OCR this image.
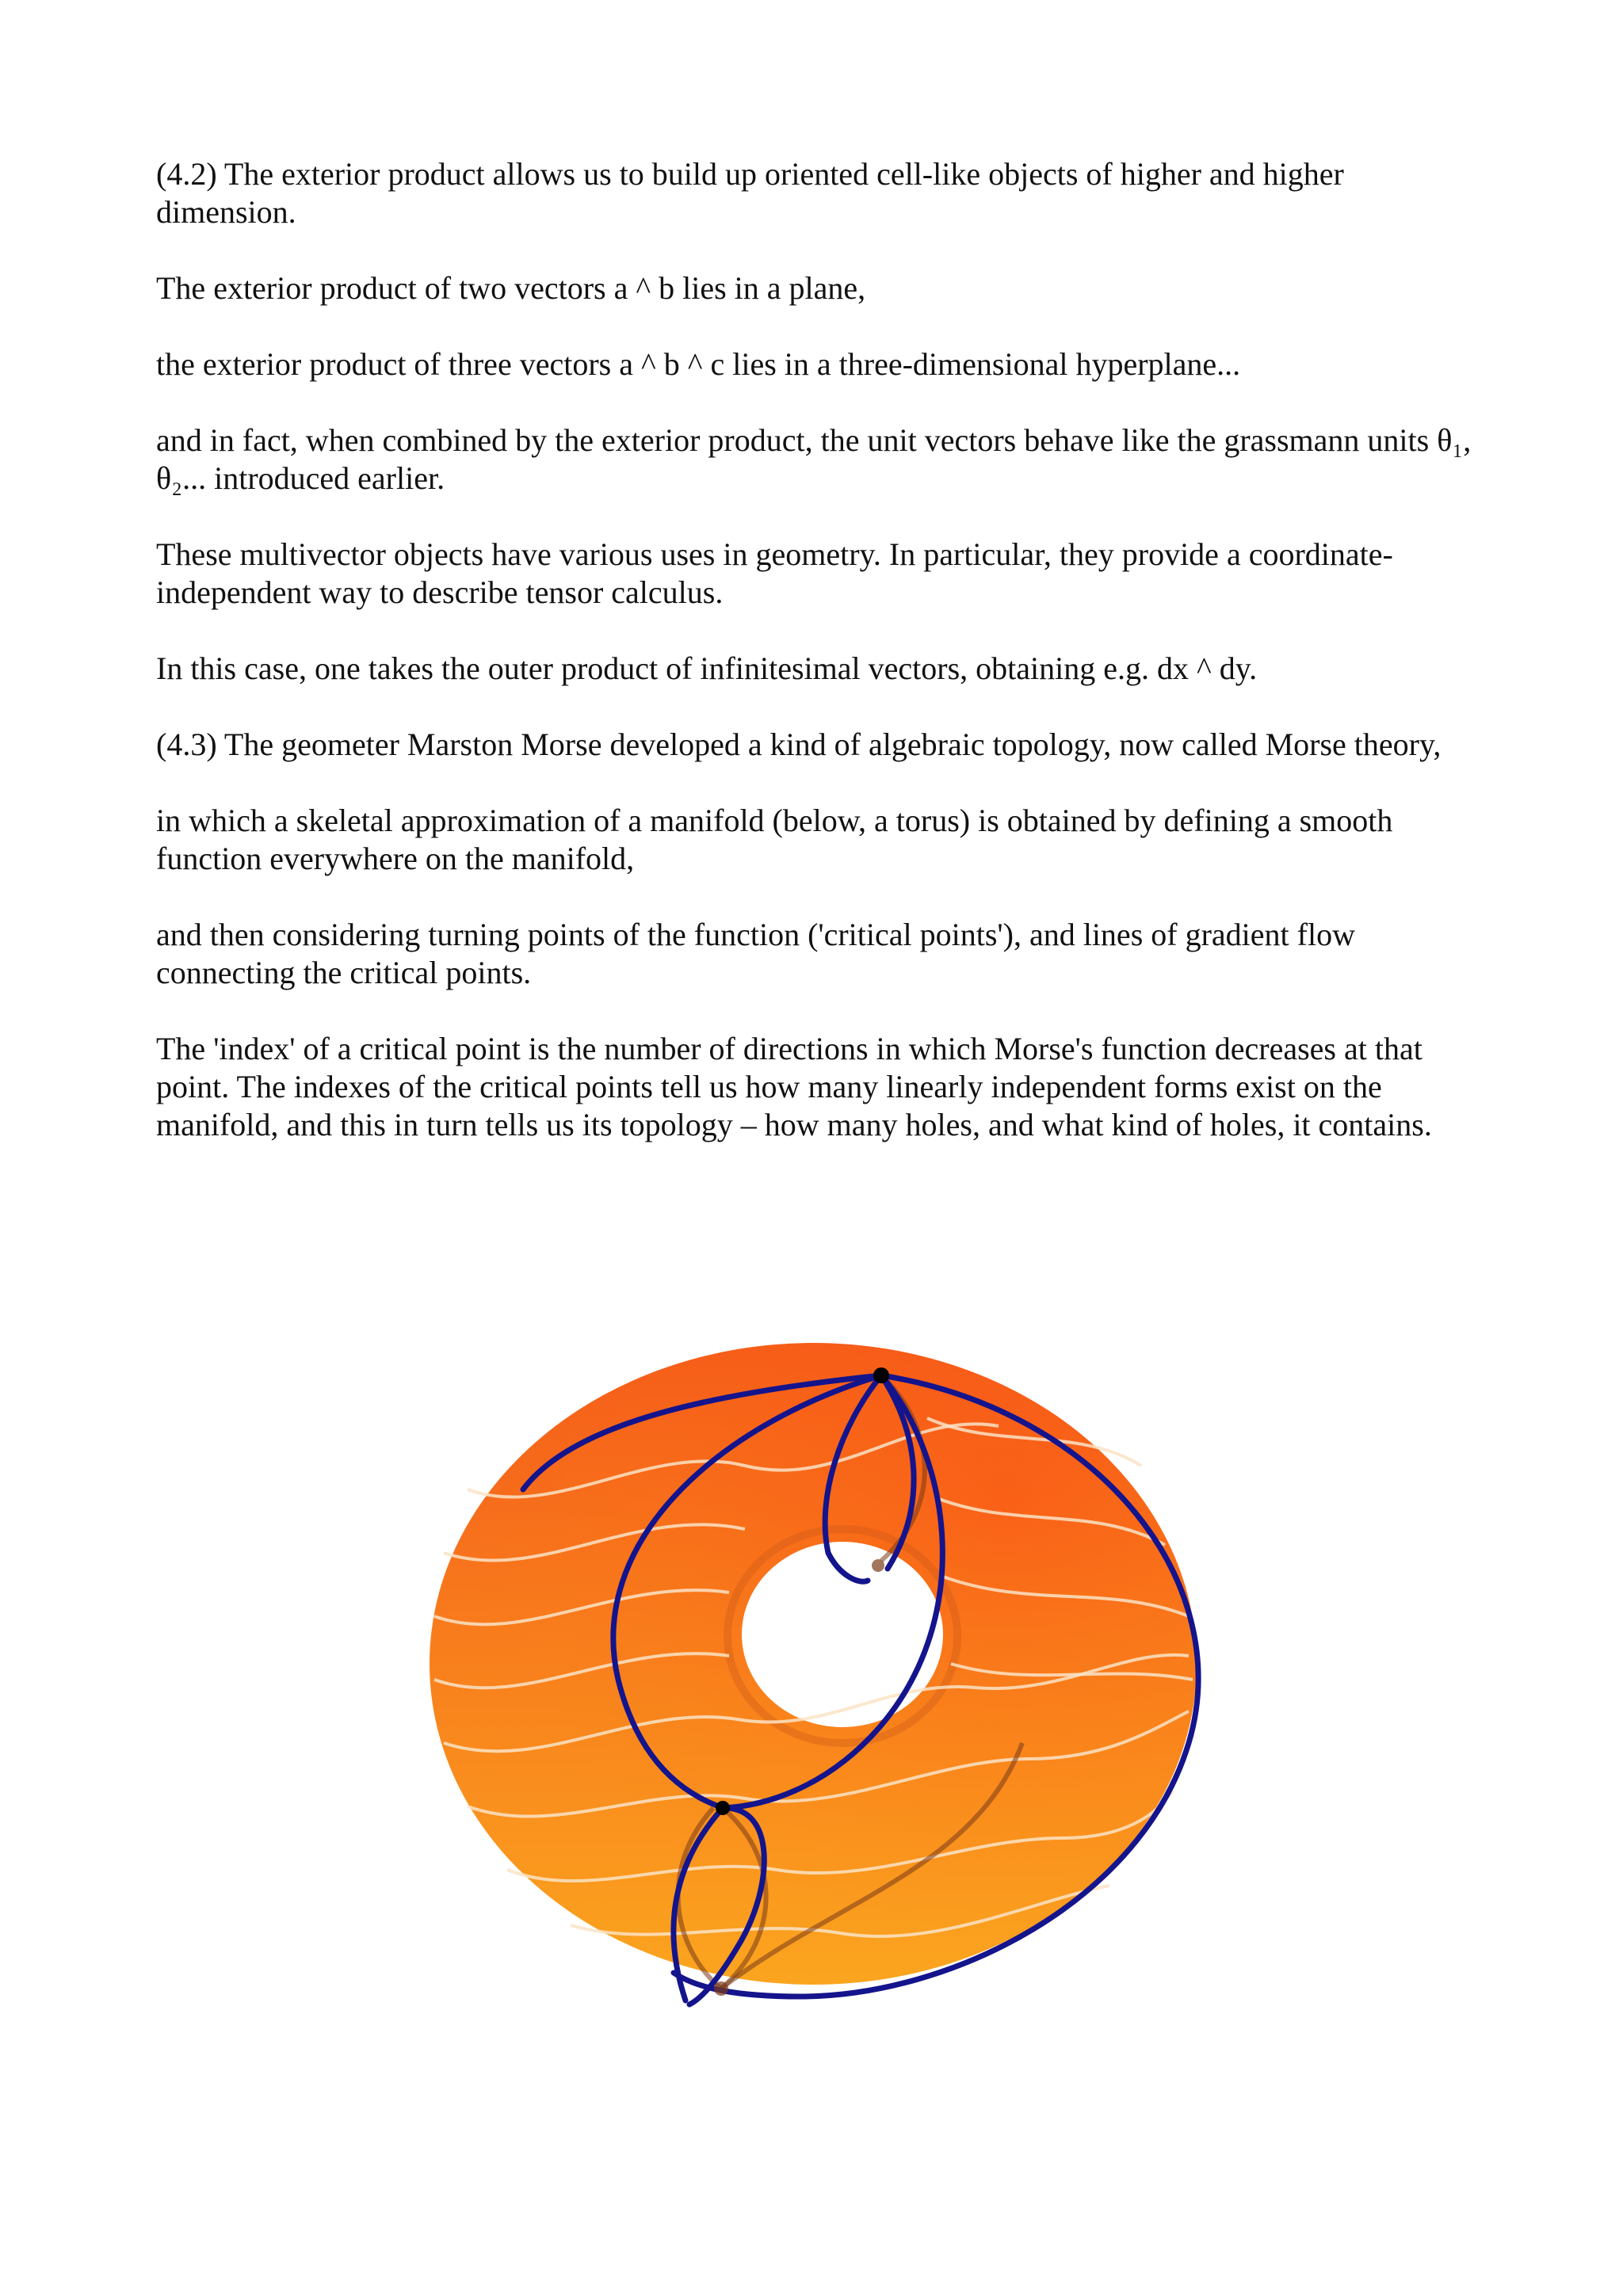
(4.2) The exterior product allows us to build up oriented cell-like objects of higher and higher dimension.

The exterior product of two vectors a ^ b lies in a plane,

the exterior product of three vectors a ^ b ^ c lies in a three-dimensional hyperplane...

and in fact, when combined by the exterior product, the unit vectors behave like the grassmann units θ₁, θ₂... introduced earlier.

These multivector objects have various uses in geometry. In particular, they provide a coordinate-independent way to describe tensor calculus.

In this case, one takes the outer product of infinitesimal vectors, obtaining e.g. dx ^ dy.

(4.3) The geometer Marston Morse developed a kind of algebraic topology, now called Morse theory,

in which a skeletal approximation of a manifold (below, a torus) is obtained by defining a smooth function everywhere on the manifold,

and then considering turning points of the function ('critical points'), and lines of gradient flow connecting the critical points.

The 'index' of a critical point is the number of directions in which Morse's function decreases at that point. The indexes of the critical points tell us how many linearly independent forms exist on the manifold, and this in turn tells us its topology – how many holes, and what kind of holes, it contains.
